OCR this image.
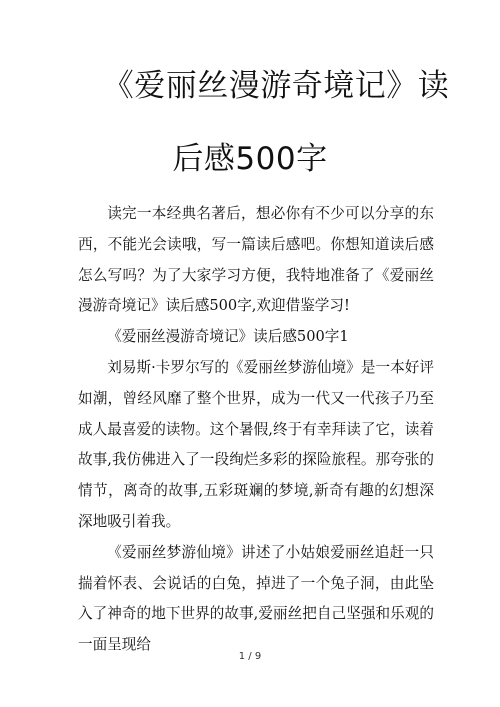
《爱丽丝漫游奇境记》读
后感500字

读完一本经典名著后，想必你有不少可以分享的东西，不能光会读哦，写一篇读后感吧。你想知道读后感怎么写吗？为了大家学习方便，我特地准备了《爱丽丝漫游奇境记》读后感500字,欢迎借鉴学习!

《爱丽丝漫游奇境记》读后感500字1

刘易斯·卡罗尔写的《爱丽丝梦游仙境》是一本好评如潮，曾经风靡了整个世界，成为一代又一代孩子乃至成人最喜爱的读物。这个暑假,终于有幸拜读了它，读着故事,我仿佛进入了一段绚烂多彩的探险旅程。那夸张的情节，离奇的故事,五彩斑斓的梦境,新奇有趣的幻想深深地吸引着我。

《爱丽丝梦游仙境》讲述了小姑娘爱丽丝追赶一只揣着怀表、会说话的白兔，掉进了一个兔子洞，由此坠入了神奇的地下世界的故事,爱丽丝把自己坚强和乐观的一面呈现给

1 / 9
